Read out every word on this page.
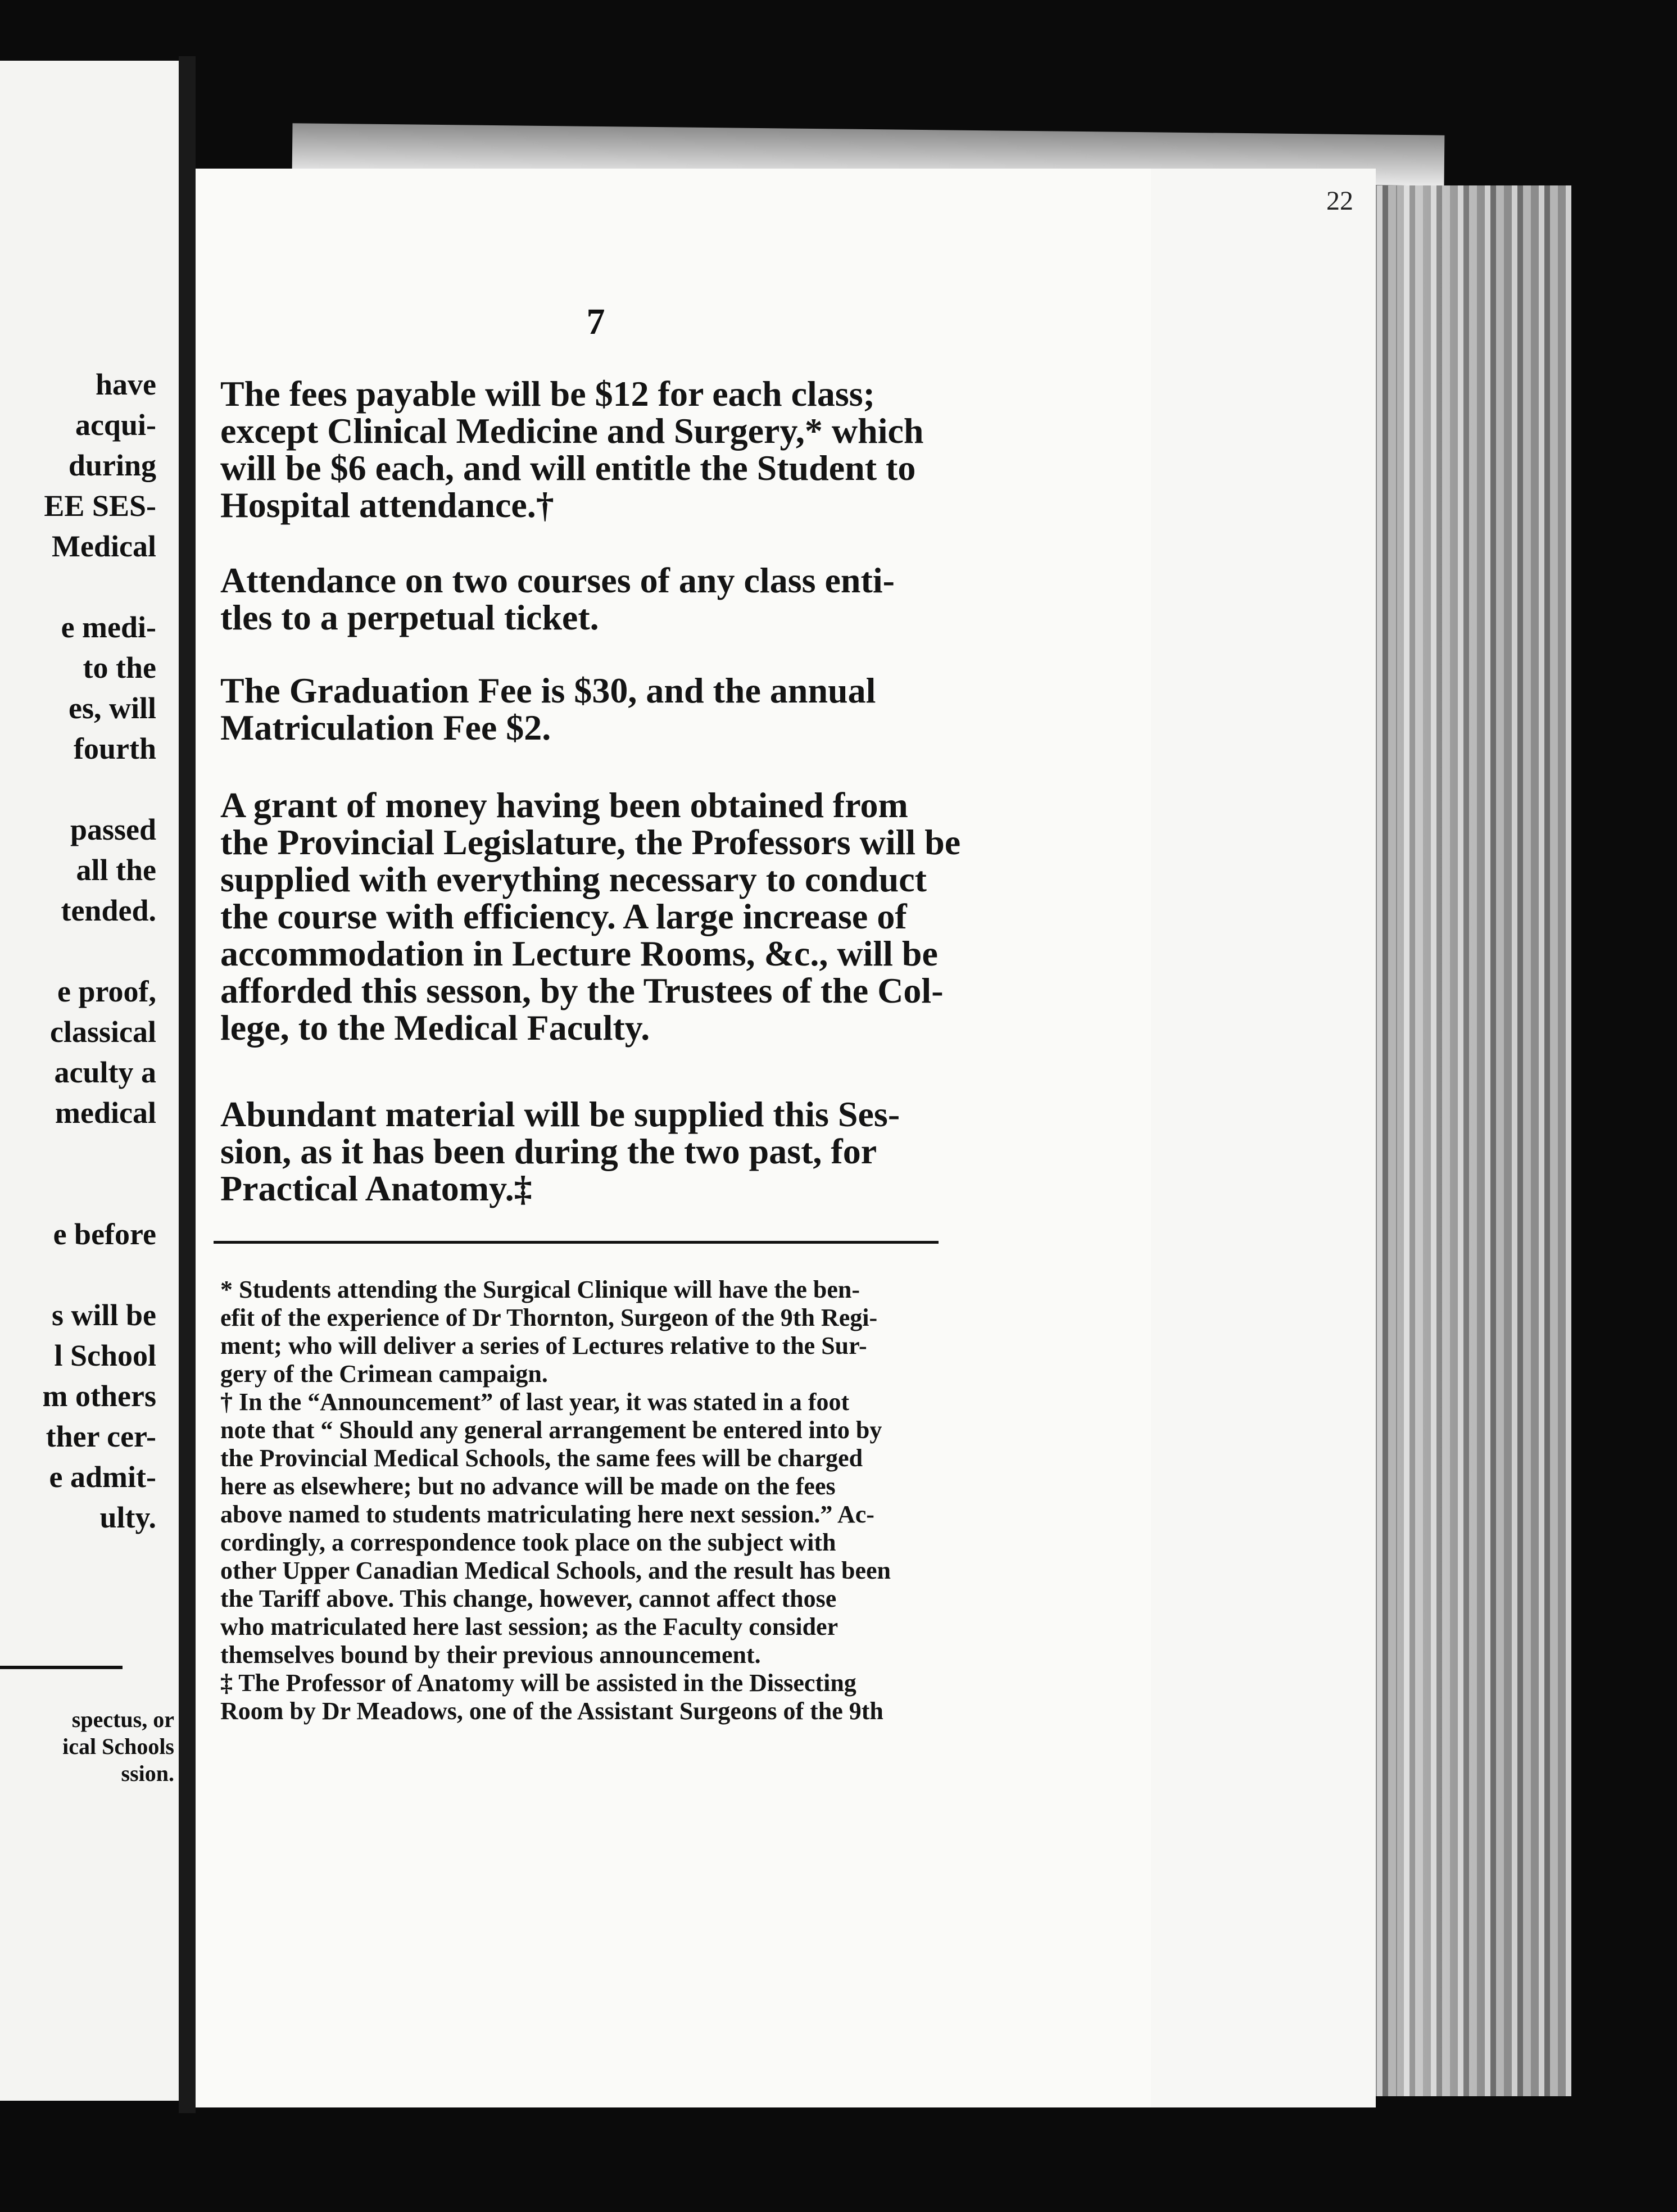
have
acqui-
during
EE SES-
Medical
e medi-
to the
es, will
fourth
passed
all the
tended.
e proof,
classical
aculty a
medical
e before
s will be
l School
m others
ther cer-
e admit-
ulty.
spectus, or
ical Schools
ssion.
22
7
The fees payable will be $12 for each class;
except Clinical Medicine and Surgery,* which
will be $6 each, and will entitle the Student to
Hospital attendance.†
Attendance on two courses of any class enti-
tles to a perpetual ticket.
The Graduation Fee is $30, and the annual
Matriculation Fee $2.
A grant of money having been obtained from
the Provincial Legislature, the Professors will be
supplied with everything necessary to conduct
the course with efficiency. A large increase of
accommodation in Lecture Rooms, &c., will be
afforded this sesson, by the Trustees of the Col-
lege, to the Medical Faculty.
Abundant material will be supplied this Ses-
sion, as it has been during the two past, for
Practical Anatomy.‡
* Students attending the Surgical Clinique will have the ben-
efit of the experience of Dr Thornton, Surgeon of the 9th Regi-
ment; who will deliver a series of Lectures relative to the Sur-
gery of the Crimean campaign.
† In the “Announcement” of last year, it was stated in a foot
note that “ Should any general arrangement be entered into by
the Provincial Medical Schools, the same fees will be charged
here as elsewhere; but no advance will be made on the fees
above named to students matriculating here next session.” Ac-
cordingly, a correspondence took place on the subject with
other Upper Canadian Medical Schools, and the result has been
the Tariff above. This change, however, cannot affect those
who matriculated here last session; as the Faculty consider
themselves bound by their previous announcement.
‡ The Professor of Anatomy will be assisted in the Dissecting
Room by Dr Meadows, one of the Assistant Surgeons of the 9th
